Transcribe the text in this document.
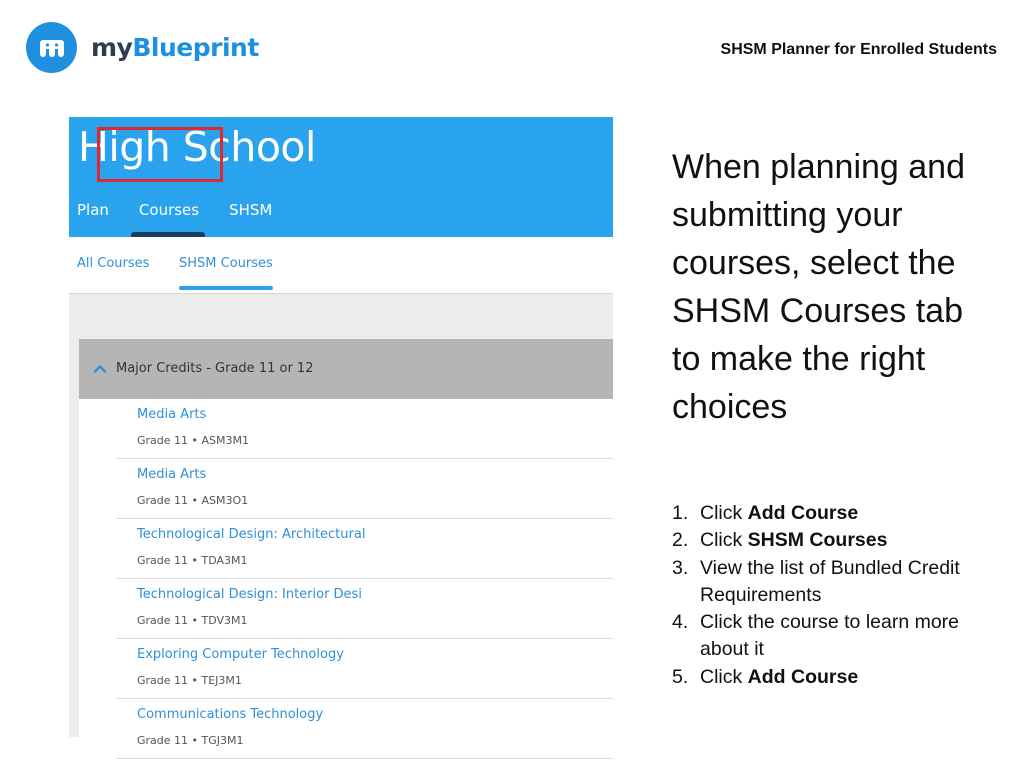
myBlueprint	SHSM Planner for Enrolled Students
High School
Plan	Courses	SHSM
All Courses SHSM Courses
Major Credits - Grade 11 or 12
Media Arts
Grade 11 • ASM3M1
Media Arts
Grade 11 • ASM3O1
Technological Design: Architectural
Grade 11 • TDA3M1
Technological Design: Interior Desi
Grade 11 • TDV3M1
Exploring Computer Technology
Grade 11 • TEJ3M1
Communications Technology
Grade 11 • TGJ3M1
When planning and submitting your courses, select the SHSM Courses tab to make the right choices
1. Click Add Course
2. Click SHSM Courses
3. View the list of Bundled Credit Requirements
4. Click the course to learn more about it
5. Click Add Course
